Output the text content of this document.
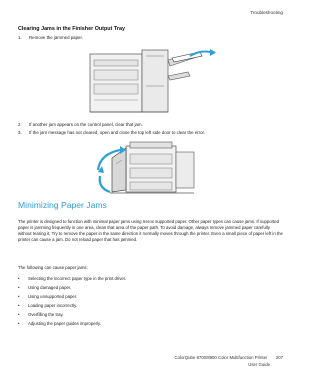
Troubleshooting
Clearing Jams in the Finisher Output Tray
1. Remove the jammed paper.
2. If another jam appears on the control panel, clear that jam.
3. If the jam message has not cleared, open and close the top left side door to clear the error.
Minimizing Paper Jams
The printer is designed to function with minimal paper jams using Xerox supported paper. Other paper types can cause jams. If supported paper is jamming frequently in one area, clean that area of the paper path. To avoid damage, always remove jammed paper carefully without tearing it. Try to remove the paper in the same direction it normally moves through the printer. Even a small piece of paper left in the printer can cause a jam. Do not reload paper that has jammed.
The following can cause paper jams:
• Selecting the incorrect paper type in the print driver.
• Using damaged paper.
• Using unsupported paper.
• Loading paper incorrectly.
• Overfilling the tray.
• Adjusting the paper guides improperly.
ColorQube 8700/8900 Color Multifunction Printer 207
User Guide
